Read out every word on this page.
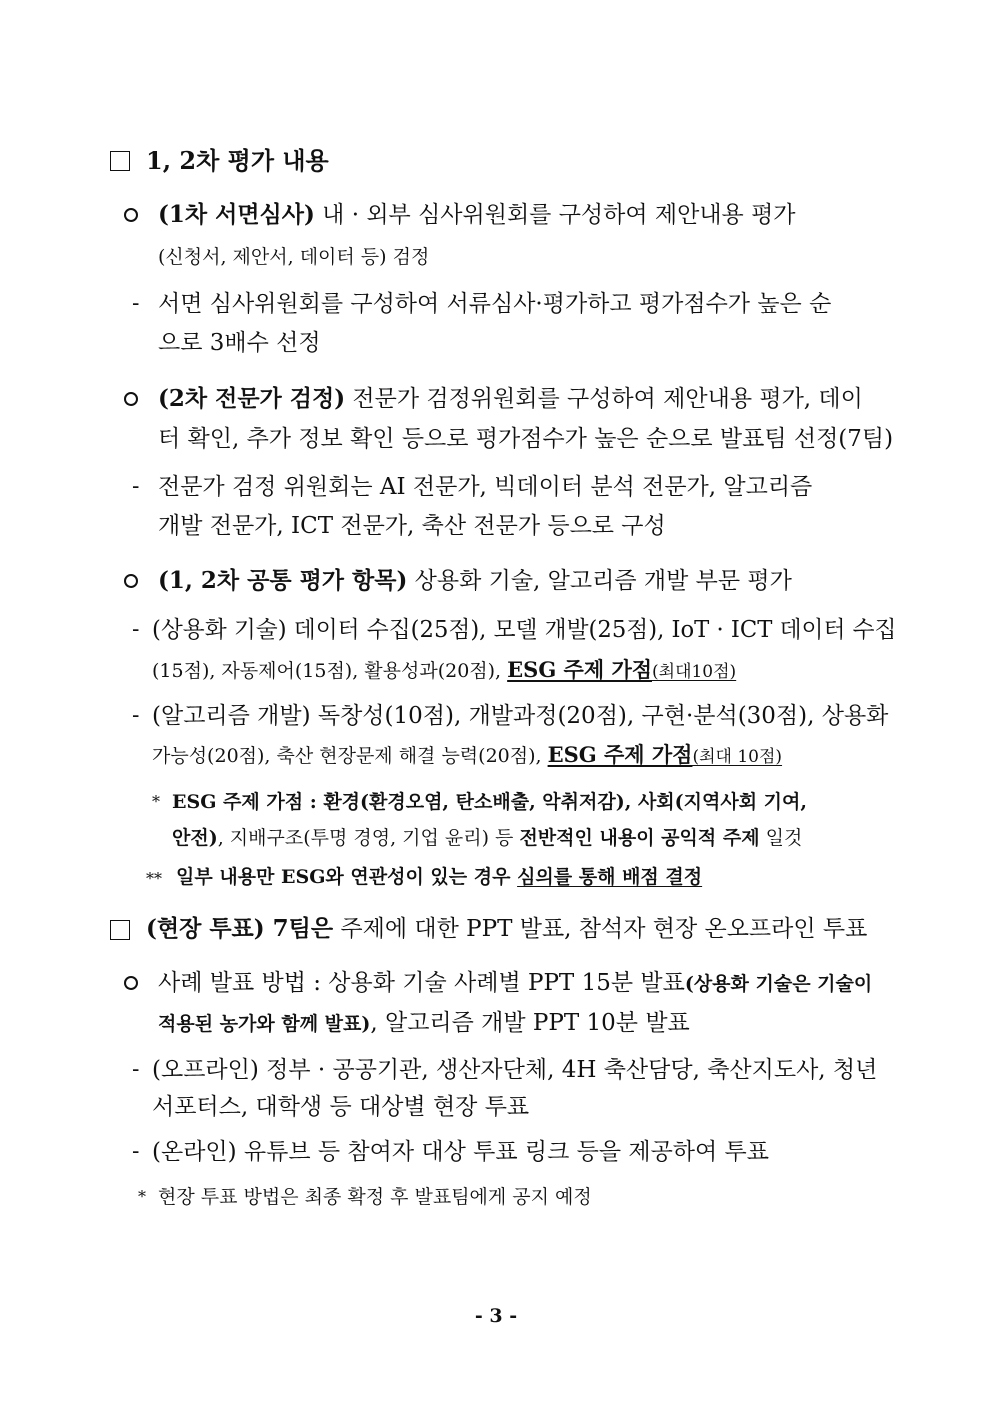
1, 2차 평가 내용
(1차 서면심사) 내 · 외부 심사위원회를 구성하여 제안내용 평가
(신청서, 제안서, 데이터 등) 검정
- 서면 심사위원회를 구성하여 서류심사·평가하고 평가점수가 높은 순
으로 3배수 선정
(2차 전문가 검정) 전문가 검정위원회를 구성하여 제안내용 평가, 데이
터 확인, 추가 정보 확인 등으로 평가점수가 높은 순으로 발표팀 선정(7팀)
- 전문가 검정 위원회는 AI 전문가, 빅데이터 분석 전문가, 알고리즘
개발 전문가, ICT 전문가, 축산 전문가 등으로 구성
(1, 2차 공통 평가 항목) 상용화 기술, 알고리즘 개발 부문 평가
- (상용화 기술) 데이터 수집(25점), 모델 개발(25점), IoT · ICT 데이터 수집
(15점), 자동제어(15점), 활용성과(20점), ESG 주제 가점(최대10점)
- (알고리즘 개발) 독창성(10점), 개발과정(20점), 구현·분석(30점), 상용화
가능성(20점), 축산 현장문제 해결 능력(20점), ESG 주제 가점(최대 10점)
* ESG 주제 가점 : 환경(환경오염, 탄소배출, 악취저감), 사회(지역사회 기여,
안전), 지배구조(투명 경영, 기업 윤리) 등 전반적인 내용이 공익적 주제 일것
** 일부 내용만 ESG와 연관성이 있는 경우 심의를 통해 배점 결정
(현장 투표) 7팀은 주제에 대한 PPT 발표, 참석자 현장 온오프라인 투표
사례 발표 방법 : 상용화 기술 사례별 PPT 15분 발표(상용화 기술은 기술이
적용된 농가와 함께 발표), 알고리즘 개발 PPT 10분 발표
- (오프라인) 정부 · 공공기관, 생산자단체, 4H 축산담당, 축산지도사, 청년
서포터스, 대학생 등 대상별 현장 투표
- (온라인) 유튜브 등 참여자 대상 투표 링크 등을 제공하여 투표
* 현장 투표 방법은 최종 확정 후 발표팀에게 공지 예정
- 3 -
